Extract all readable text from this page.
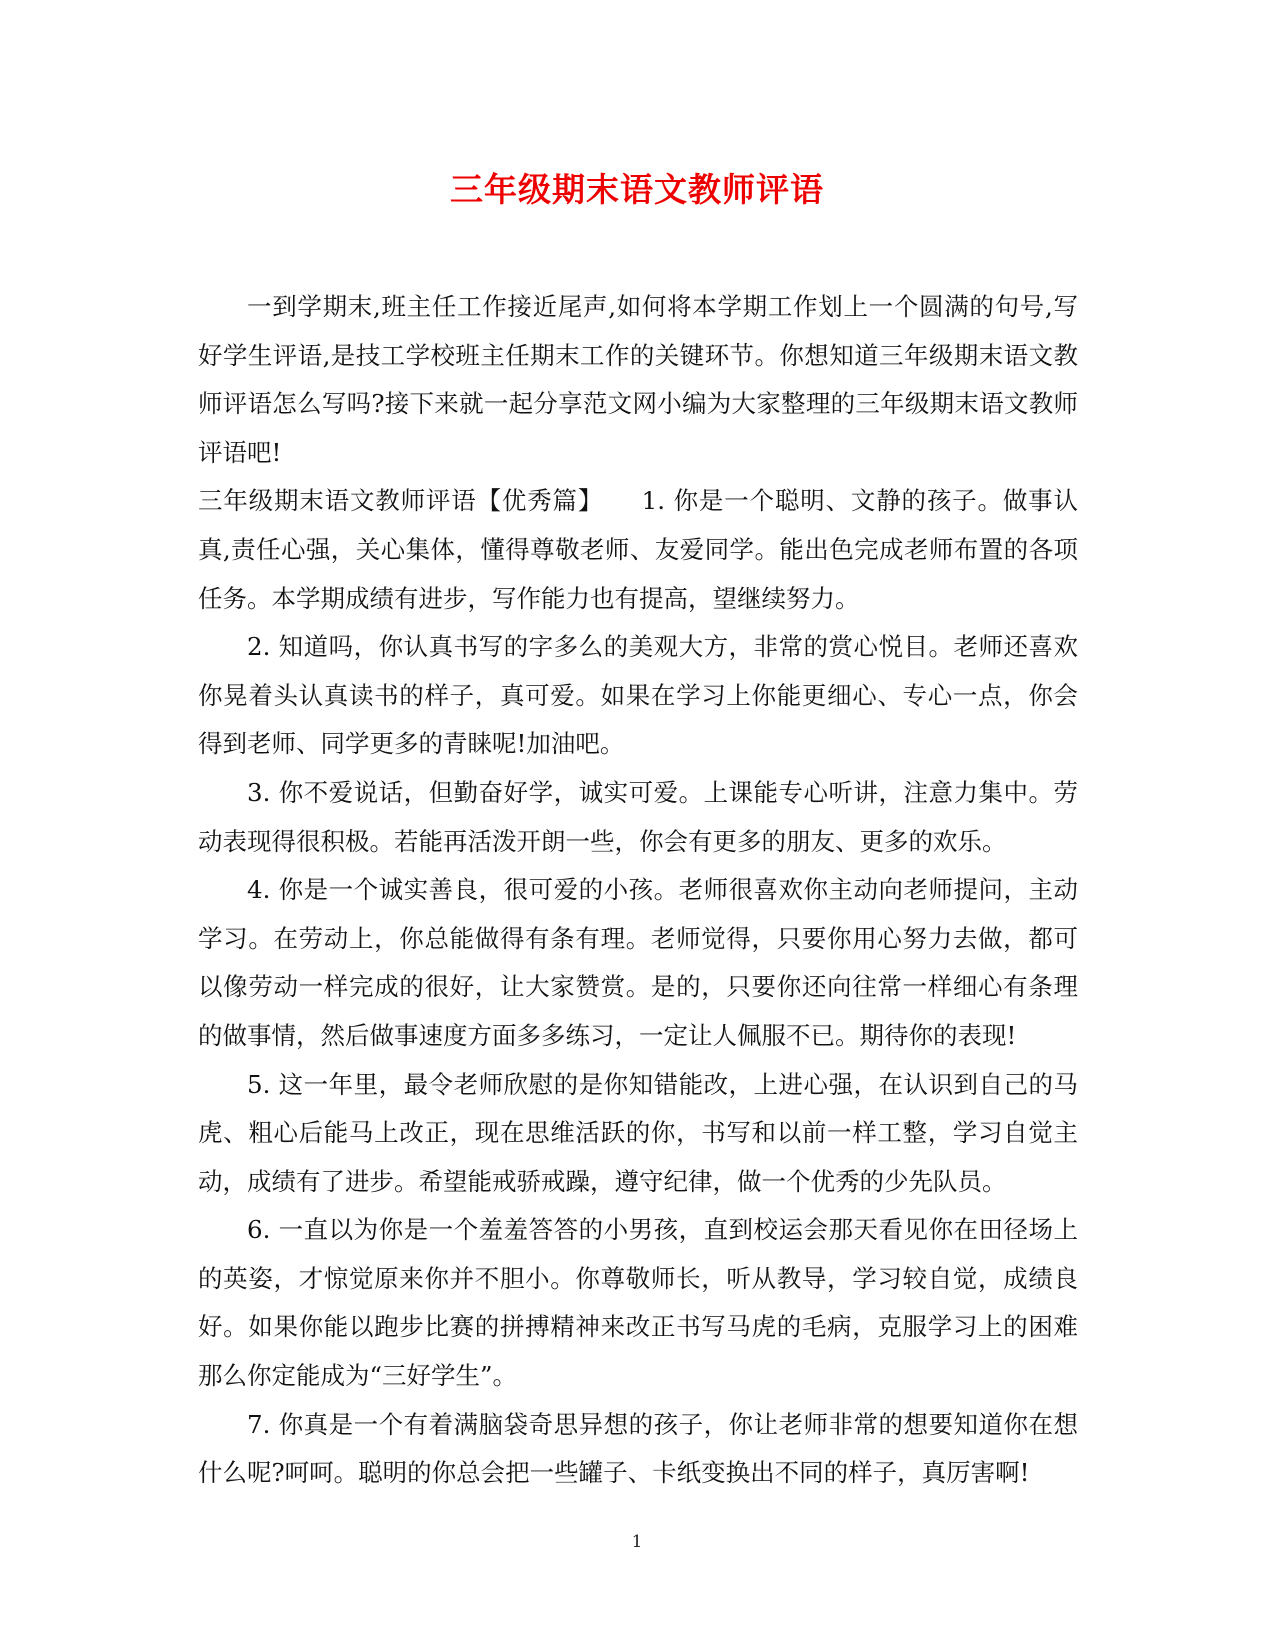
三年级期末语文教师评语

一到学期末,班主任工作接近尾声,如何将本学期工作划上一个圆满的句号,写好学生评语,是技工学校班主任期末工作的关键环节。你想知道三年级期末语文教师评语怎么写吗?接下来就一起分享范文网小编为大家整理的三年级期末语文教师评语吧!

三年级期末语文教师评语【优秀篇】　　1. 你是一个聪明、文静的孩子。做事认真,责任心强，关心集体，懂得尊敬老师、友爱同学。能出色完成老师布置的各项任务。本学期成绩有进步，写作能力也有提高，望继续努力。

2. 知道吗，你认真书写的字多么的美观大方，非常的赏心悦目。老师还喜欢你晃着头认真读书的样子，真可爱。如果在学习上你能更细心、专心一点，你会得到老师、同学更多的青睐呢!加油吧。

3. 你不爱说话，但勤奋好学，诚实可爱。上课能专心听讲，注意力集中。劳动表现得很积极。若能再活泼开朗一些，你会有更多的朋友、更多的欢乐。

4. 你是一个诚实善良，很可爱的小孩。老师很喜欢你主动向老师提问，主动学习。在劳动上，你总能做得有条有理。老师觉得，只要你用心努力去做，都可以像劳动一样完成的很好，让大家赞赏。是的，只要你还向往常一样细心有条理的做事情，然后做事速度方面多多练习，一定让人佩服不已。期待你的表现!

5. 这一年里，最令老师欣慰的是你知错能改，上进心强，在认识到自己的马虎、粗心后能马上改正，现在思维活跃的你，书写和以前一样工整，学习自觉主动，成绩有了进步。希望能戒骄戒躁，遵守纪律，做一个优秀的少先队员。

6. 一直以为你是一个羞羞答答的小男孩，直到校运会那天看见你在田径场上的英姿，才惊觉原来你并不胆小。你尊敬师长，听从教导，学习较自觉，成绩良好。如果你能以跑步比赛的拼搏精神来改正书写马虎的毛病，克服学习上的困难那么你定能成为“三好学生”。

7. 你真是一个有着满脑袋奇思异想的孩子，你让老师非常的想要知道你在想什么呢?呵呵。聪明的你总会把一些罐子、卡纸变换出不同的样子，真厉害啊!

1
